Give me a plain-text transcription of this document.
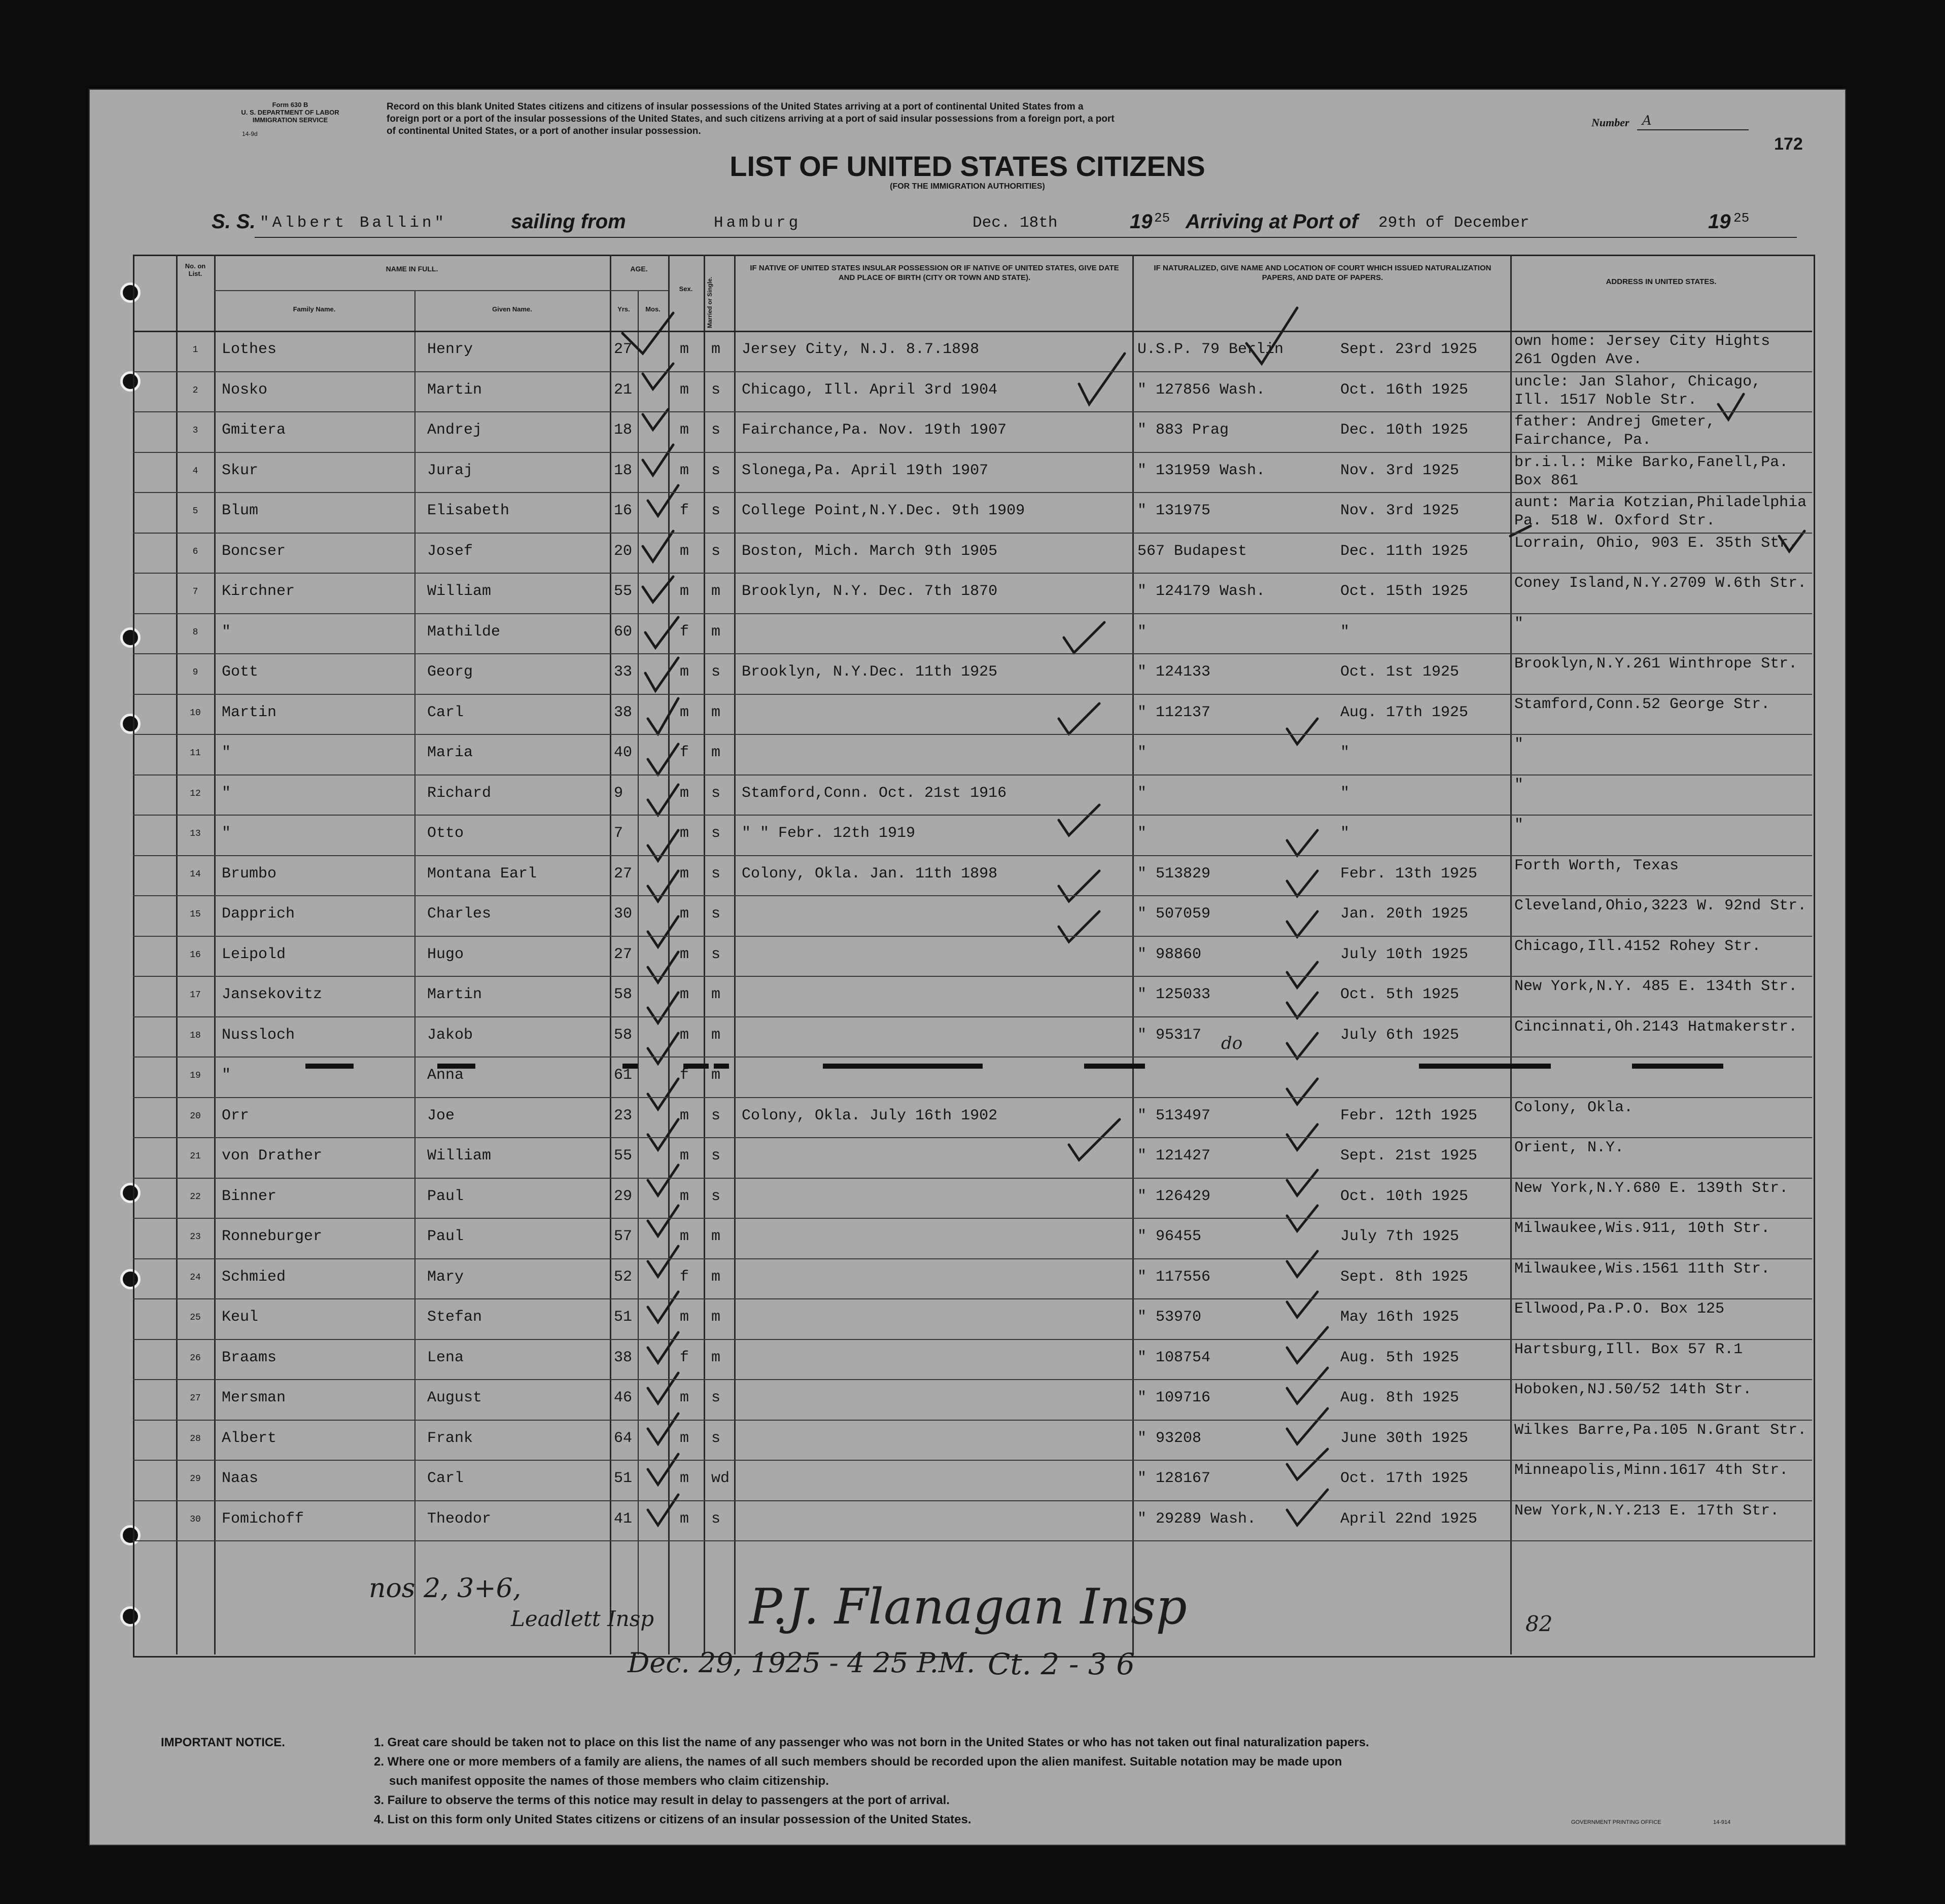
Form 630 B
U. S. DEPARTMENT OF LABOR
IMMIGRATION SERVICE
14-9d
Record on this blank United States citizens and citizens of insular possessions of the United States arriving at a port of continental United States from a
foreign port or a port of the insular possessions of the United States, and such citizens arriving at a port of said insular possessions from a foreign port, a port
of continental United States, or a port of another insular possession.
Number A
172
LIST OF UNITED STATES CITIZENS
(FOR THE IMMIGRATION AUTHORITIES)
S. S. "Albert Ballin"	sailing from	Hamburg	Dec. 18th	19 25 Arriving at Port of 29th of December	19 25
No. on List.
NAME IN FULL.
Family Name.	Given Name.
AGE.
Yrs.	Mos.
Sex.	Married or Single.
IF NATIVE OF UNITED STATES INSULAR POSSESSION OR IF NATIVE OF UNITED STATES, GIVE DATE AND PLACE OF BIRTH (CITY OR TOWN AND STATE).
IF NATURALIZED, GIVE NAME AND LOCATION OF COURT WHICH ISSUED NATURALIZATION PAPERS, AND DATE OF PAPERS.	ADDRESS IN UNITED STATES.
1	Lothes	Henry	27	m m Jersey City, N.J. 8.7.1898	U.S.P. 79 Berlin	Sept. 23rd 1925 own home: Jersey City Hights
261 Ogden Ave.
2	Nosko	Martin	21	m s Chicago, Ill. April 3rd 1904	" 127856 Wash.	Oct. 16th 1925	uncle: Jan Slahor, Chicago,
Ill. 1517 Noble Str.
3	Gmitera	Andrej	18	m s Fairchance,Pa. Nov. 19th 1907	" 883 Prag	Dec. 10th 1925	father: Andrej Gmeter,
Fairchance, Pa.
4	Skur	Juraj	18	m s Slonega,Pa. April 19th 1907	" 131959 Wash.	Nov. 3rd 1925	br.i.l.: Mike Barko,Fanell,Pa.
Box 861
5	Blum	Elisabeth	16	f s College Point,N.Y.Dec. 9th 1909	" 131975	Nov. 3rd 1925	aunt: Maria Kotzian,Philadelphia
Pa. 518 W. Oxford Str.
6	Boncser	Josef	20	m s Boston, Mich. March 9th 1905	567 Budapest	Dec. 11th 1925	Lorrain, Ohio, 903 E. 35th Str.
7	Kirchner	William	55	m m Brooklyn, N.Y. Dec. 7th 1870	" 124179 Wash.	Oct. 15th 1925	Coney Island,N.Y.2709 W.6th Str.
8	"	Mathilde	60	f m	"	"	"
9	Gott	Georg	33	m s Brooklyn, N.Y.Dec. 11th 1925	" 124133	Oct. 1st 1925	Brooklyn,N.Y.261 Winthrope Str.
10	Martin	Carl	38	m m	" 112137	Aug. 17th 1925	Stamford,Conn.52 George Str.
11	"	Maria	40	f m	"	"	"
12	"	Richard	9	m s Stamford,Conn. Oct. 21st 1916	"	"	"
13	"	Otto	7	m s " " Febr. 12th 1919	"	"	"
14	Brumbo	Montana Earl	27	m s Colony, Okla. Jan. 11th 1898	" 513829	Febr. 13th 1925 Forth Worth, Texas
15	Dapprich	Charles	30	m s	" 507059	Jan. 20th 1925	Cleveland,Ohio,3223 W. 92nd Str.
16	Leipold	Hugo	27	m s	" 98860	July 10th 1925	Chicago,Ill.4152 Rohey Str.
17	Jansekovitz	Martin	58	m m	" 125033	Oct. 5th 1925	New York,N.Y. 485 E. 134th Str.
18	Nussloch	Jakob	58	m m	" 95317	July 6th 1925	Cincinnati,Oh.2143 Hatmakerstr.
19	"	Anna	61	f m
20	Orr	Joe	23	m s Colony, Okla. July 16th 1902	" 513497	Febr. 12th 1925 Colony, Okla.
21	von Drather	William	55	m s	" 121427	Sept. 21st 1925 Orient, N.Y.
22	Binner	Paul	29	m s	" 126429	Oct. 10th 1925	New York,N.Y.680 E. 139th Str.
23	Ronneburger	Paul	57	m m	" 96455	July 7th 1925	Milwaukee,Wis.911, 10th Str.
24	Schmied	Mary	52	f m	" 117556	Sept. 8th 1925	Milwaukee,Wis.1561 11th Str.
25	Keul	Stefan	51	m m	" 53970	May 16th 1925	Ellwood,Pa.P.O. Box 125
26	Braams	Lena	38	f m	" 108754	Aug. 5th 1925	Hartsburg,Ill. Box 57 R.1
27	Mersman	August	46	m s	" 109716	Aug. 8th 1925	Hoboken,NJ.50/52 14th Str.
28	Albert	Frank	64	m s	" 93208	June 30th 1925	Wilkes Barre,Pa.105 N.Grant Str.
29	Naas	Carl	51	m wd	" 128167	Oct. 17th 1925	Minneapolis,Minn.1617 4th Str.
30	Fomichoff	Theodor	41	m s	" 29289 Wash.	April 22nd 1925 New York,N.Y.213 E. 17th Str.
do
nos 2, 3+6,
Leadlett Insp
Dec. 29, 1925 - 4 25 P.M. Ct. 2 - 3 6
P.J. Flanagan Insp	82
IMPORTANT NOTICE.	1. Great care should be taken not to place on this list the name of any passenger who was not born in the United States or who has not taken out final naturalization papers.
2. Where one or more members of a family are aliens, the names of all such members should be recorded upon the alien manifest. Suitable notation may be made upon
such manifest opposite the names of those members who claim citizenship.
3. Failure to observe the terms of this notice may result in delay to passengers at the port of arrival.
4. List on this form only United States citizens or citizens of an insular possession of the United States.	GOVERNMENT PRINTING OFFICE	14-914
